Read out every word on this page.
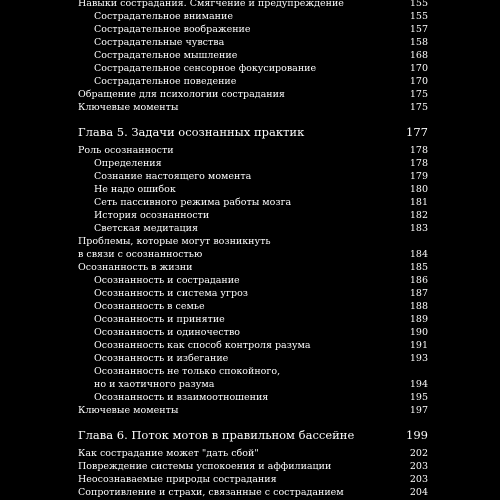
Навыки сострадания. Смягчение и предупреждение	155
Сострадательное внимание	155
Сострадательное воображение	157
Сострадательные чувства	158
Сострадательное мышление	168
Сострадательное сенсорное фокусирование	170
Сострадательное поведение	170
Обращение для психологии сострадания	175
Ключевые моменты	175
Глава 5. Задачи осознанных практик	177
Роль осознанности	178
Определения	178
Сознание настоящего момента	179
Не надо ошибок	180
Сеть пассивного режима работы мозга	181
История осознанности	182
Светская медитация	183
Проблемы, которые могут возникнуть
в связи с осознанностью	184
Осознанность в жизни	185
Осознанность и сострадание	186
Осознанность и система угроз	187
Осознанность в семье	188
Осознанность и принятие	189
Осознанность и одиночество	190
Осознанность как способ контроля разума	191
Осознанность и избегание	193
Осознанность не только спокойного,
но и хаотичного разума	194
Осознанность и взаимоотношения	195
Ключевые моменты	197
Глава 6. Поток мотов в правильном бассейне	199
Как сострадание может "дать сбой"	202
Повреждение системы успокоения и аффилиации	203
Неосознаваемые природы сострадания	203
Сопротивление и страхи, связанные с состраданием	204
